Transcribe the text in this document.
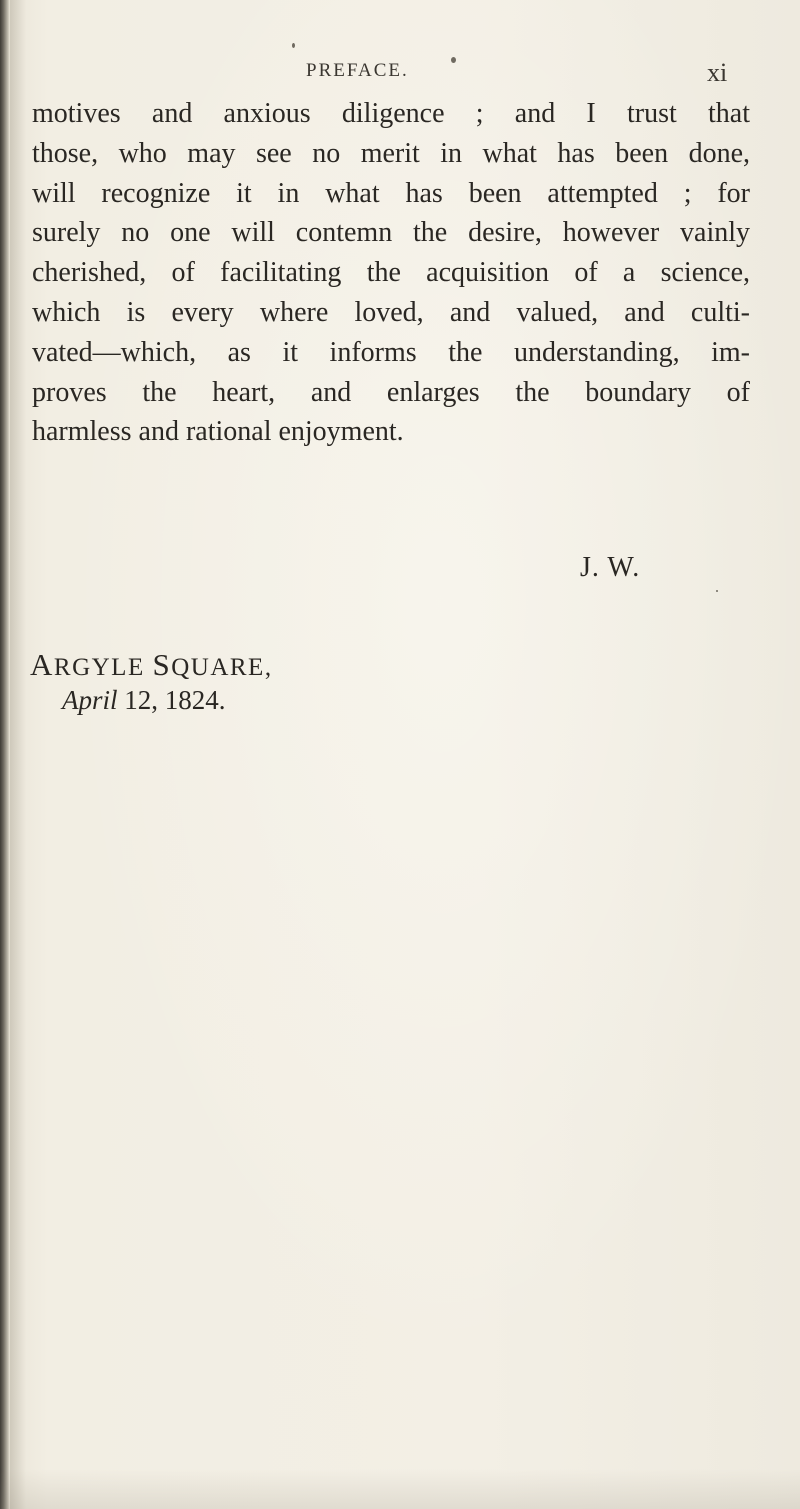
PREFACE.	xi
motives and anxious diligence ; and I trust that
those, who may see no merit in what has been done,
will recognize it in what has been attempted ; for
surely no one will contemn the desire, however vainly
cherished, of facilitating the acquisition of a science,
which is every where loved, and valued, and culti-
vated—which, as it informs the understanding, im-
proves the heart, and enlarges the boundary of
harmless and rational enjoyment.
J. W.
ARGYLE SQUARE,
April 12, 1824.
